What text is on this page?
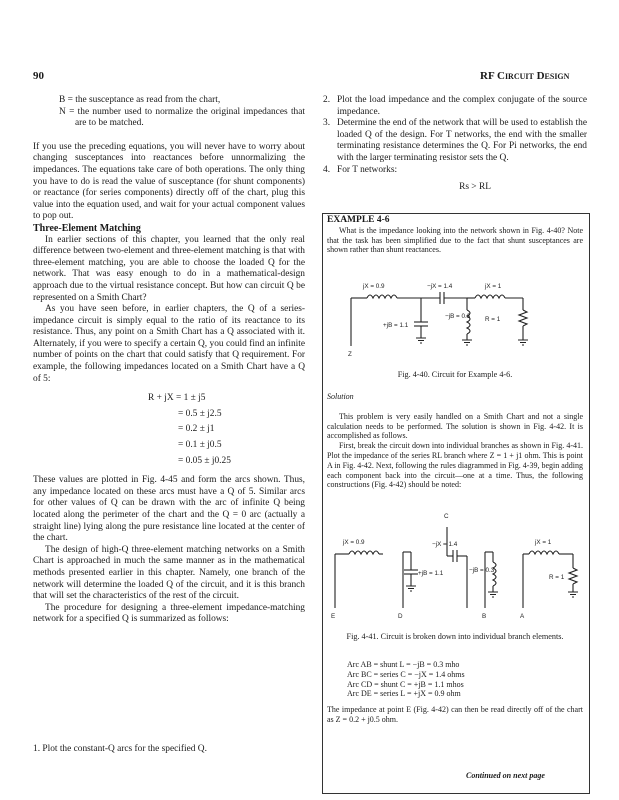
90	RF Circuit Design

B = the susceptance as read from the chart,

N = the number used to normalize the original impedances that are to be matched.

If you use the preceding equations, you will never have to worry about changing susceptances into reactances before unnormalizing the impedances. The equations take care of both operations. The only thing you have to do is read the value of susceptance (for shunt components) or reactance (for series components) directly off of the chart, plug this value into the equation used, and wait for your actual component values to pop out.

Three-Element Matching

In earlier sections of this chapter, you learned that the only real difference between two-element and three-element matching is that with three-element matching, you are able to choose the loaded Q for the network. That was easy enough to do in a mathematical-design approach due to the virtual resistance concept. But how can circuit Q be represented on a Smith Chart?

As you have seen before, in earlier chapters, the Q of a series-impedance circuit is simply equal to the ratio of its reactance to its resistance. Thus, any point on a Smith Chart has a Q associated with it. Alternately, if you were to specify a certain Q, you could find an infinite number of points on the chart that could satisfy that Q requirement. For example, the following impedances located on a Smith Chart have a Q of 5:

R + jX = 1 ± j5
= 0.5 ± j2.5
= 0.2 ± j1
= 0.1 ± j0.5
= 0.05 ± j0.25

These values are plotted in Fig. 4-45 and form the arcs shown. Thus, any impedance located on these arcs must have a Q of 5. Similar arcs for other values of Q can be drawn with the arc of infinite Q being located along the perimeter of the chart and the Q = 0 arc (actually a straight line) lying along the pure resistance line located at the center of the chart.

The design of high-Q three-element matching networks on a Smith Chart is approached in much the same manner as in the mathematical methods presented earlier in this chapter. Namely, one branch of the network will determine the loaded Q of the circuit, and it is this branch that will set the characteristics of the rest of the circuit.

The procedure for designing a three-element impedance-matching network for a specified Q is summarized as follows:

1. Plot the constant-Q arcs for the specified Q.
2. Plot the load impedance and the complex conjugate of the source impedance.
3. Determine the end of the network that will be used to establish the loaded Q of the design. For T networks, the end with the smaller terminating resistance determines the Q. For Pi networks, the end with the larger terminating resistor sets the Q.
4. For T networks:
Rs > RL
EXAMPLE 4-6
What is the impedance looking into the network shown in Fig. 4-40? Note that the task has been simplified due to the fact that shunt susceptances are shown rather than shunt reactances.
jX = 0.9	−jX = 1.4	jX = 1
+jB = 1.1
−jB = 0.3 R = 1
Z
Fig. 4-40. Circuit for Example 4-6.
Solution
This problem is very easily handled on a Smith Chart and not a single calculation needs to be performed. The solution is shown in Fig. 4-42. It is accomplished as follows.
First, break the circuit down into individual branches as shown in Fig. 4-41. Plot the impedance of the series RL branch where Z = 1 + j1 ohm. This is point A in Fig. 4-42. Next, following the rules diagrammed in Fig. 4-39, begin adding each component back into the circuit—one at a time. Thus, the following constructions (Fig. 4-42) should be noted:
jX = 0.9	−jX = 1.4	jX = 1
+jB = 1.1	−jB = 0.3
R = 1
E	D
C
B	A
Fig. 4-41. Circuit is broken down into individual branch elements.
Arc AB = shunt L = −jB = 0.3 mho
Arc BC = series C = −jX = 1.4 ohms
Arc CD = shunt C = +jB = 1.1 mhos
Arc DE = series L = +jX = 0.9 ohm
The impedance at point E (Fig. 4-42) can then be read directly off of the chart as Z = 0.2 + j0.5 ohm.
Continued on next page
